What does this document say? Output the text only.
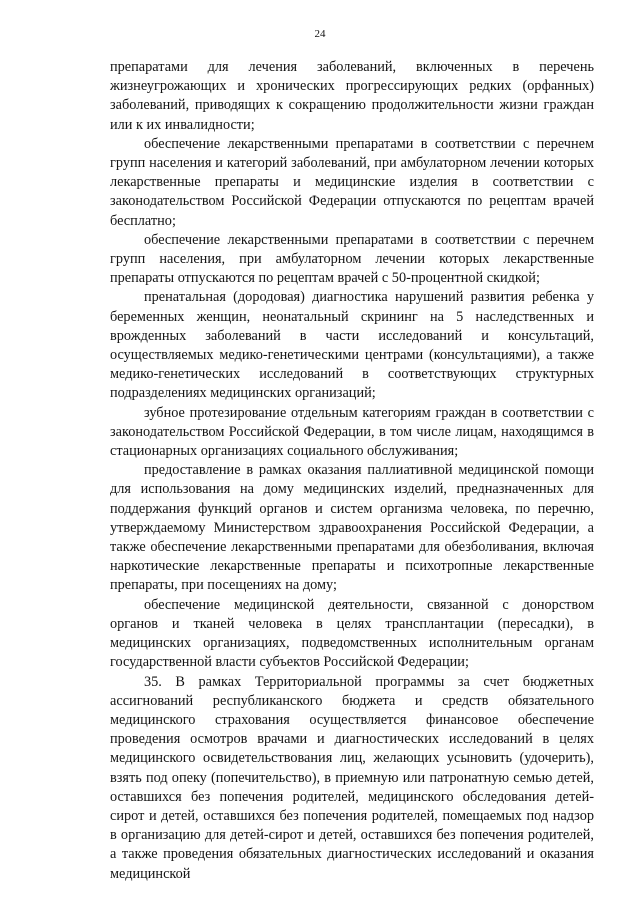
24

препаратами для лечения заболеваний, включенных в перечень жизнеугрожающих и хронических прогрессирующих редких (орфанных) заболеваний, приводящих к сокращению продолжительности жизни граждан или к их инвалидности;

обеспечение лекарственными препаратами в соответствии с перечнем групп населения и категорий заболеваний, при амбулаторном лечении которых лекарственные препараты и медицинские изделия в соответствии с законодательством Российской Федерации отпускаются по рецептам врачей бесплатно;

обеспечение лекарственными препаратами в соответствии с перечнем групп населения, при амбулаторном лечении которых лекарственные препараты отпускаются по рецептам врачей с 50-процентной скидкой;

пренатальная (дородовая) диагностика нарушений развития ребенка у беременных женщин, неонатальный скрининг на 5 наследственных и врожденных заболеваний в части исследований и консультаций, осуществляемых медико-генетическими центрами (консультациями), а также медико-генетических исследований в соответствующих структурных подразделениях медицинских организаций;

зубное протезирование отдельным категориям граждан в соответствии с законодательством Российской Федерации, в том числе лицам, находящимся в стационарных организациях социального обслуживания;

предоставление в рамках оказания паллиативной медицинской помощи для использования на дому медицинских изделий, предназначенных для поддержания функций органов и систем организма человека, по перечню, утверждаемому Министерством здравоохранения Российской Федерации, а также обеспечение лекарственными препаратами для обезболивания, включая наркотические лекарственные препараты и психотропные лекарственные препараты, при посещениях на дому;

обеспечение медицинской деятельности, связанной с донорством органов и тканей человека в целях трансплантации (пересадки), в медицинских организациях, подведомственных исполнительным органам государственной власти субъектов Российской Федерации;

35. В рамках Территориальной программы за счет бюджетных ассигнований республиканского бюджета и средств обязательного медицинского страхования осуществляется финансовое обеспечение проведения осмотров врачами и диагностических исследований в целях медицинского освидетельствования лиц, желающих усыновить (удочерить), взять под опеку (попечительство), в приемную или патронатную семью детей, оставшихся без попечения родителей, медицинского обследования детей-сирот и детей, оставшихся без попечения родителей, помещаемых под надзор в организацию для детей-сирот и детей, оставшихся без попечения родителей, а также проведения обязательных диагностических исследований и оказания медицинской
